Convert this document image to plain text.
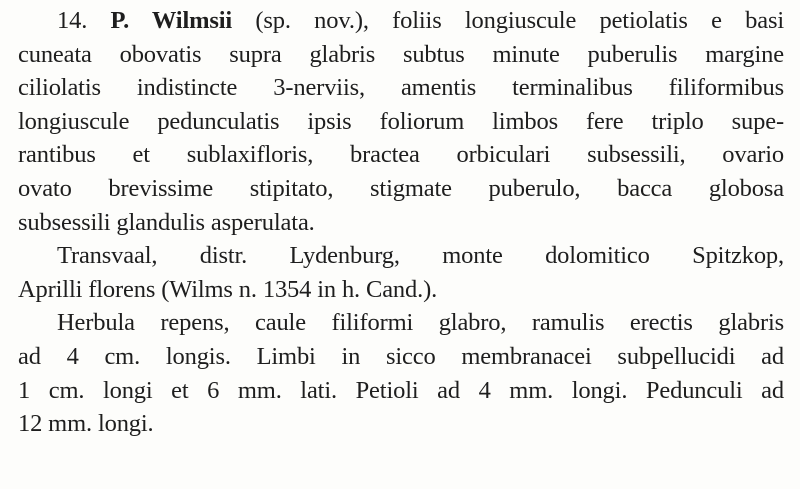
14. P. Wilmsii (sp. nov.), foliis longiuscule petiolatis e basi
cuneata obovatis supra glabris subtus minute puberulis margine
ciliolatis indistincte 3-nerviis, amentis terminalibus filiformibus
longiuscule pedunculatis ipsis foliorum limbos fere triplo supe-
rantibus et sublaxifloris, bractea orbiculari subsessili, ovario
ovato brevissime stipitato, stigmate puberulo, bacca globosa
subsessili glandulis asperulata.
Transvaal, distr. Lydenburg, monte dolomitico Spitzkop,
Aprilli florens (Wilms n. 1354 in h. Cand.).
Herbula repens, caule filiformi glabro, ramulis erectis glabris
ad 4 cm. longis. Limbi in sicco membranacei subpellucidi ad
1 cm. longi et 6 mm. lati. Petioli ad 4 mm. longi. Pedunculi ad
12 mm. longi.
